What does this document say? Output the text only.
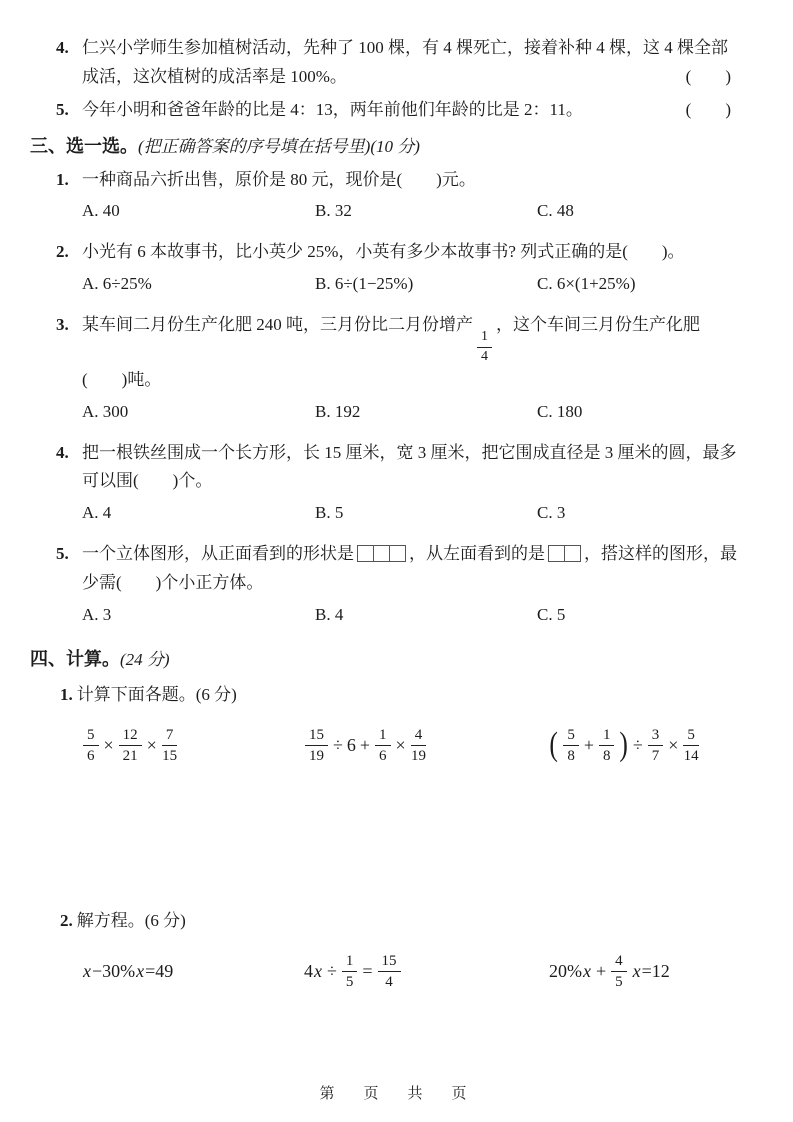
4. 仁兴小学师生参加植树活动，先种了 100 棵，有 4 棵死亡，接着补种 4 棵，这 4 棵全部成活，这次植树的成活率是 100%。	(　　)
5. 今年小明和爸爸年龄的比是 4：13，两年前他们年龄的比是 2：11。	(　　)
三、选一选。(把正确答案的序号填在括号里)(10 分)
1. 一种商品六折出售，原价是 80 元，现价是(　　)元。
A. 40	B. 32	C. 48
2. 小光有 6 本故事书，比小英少 25%，小英有多少本故事书? 列式正确的是(　　)。
A. 6÷25%	B. 6÷(1−25%)	C. 6×(1+25%)
3. 某车间二月份生产化肥 240 吨，三月份比二月份增产
$\frac{1}{4}$
，这个车间三月份生产化肥
(　　)吨。
A. 300	B. 192	C. 180
4. 把一根铁丝围成一个长方形，长 15 厘米，宽 3 厘米，把它围成直径是 3 厘米的圆，最多可以围(　　)个。
A. 4	B. 5	C. 3
5. 一个立体图形，从正面看到的形状是	，从左面看到的是 ，搭这样的图形，最少需(　　)个小正方体。
A. 3	B. 4	C. 5
四、计算。(24 分)
1. 计算下面各题。(6 分)
$\frac{5}{6} \times \frac{12}{21} \times \frac{7}{15}$	$\frac{15}{19} \div 6 + \frac{1}{6} \times \frac{4}{19}$	( $\frac{5}{8} + \frac{1}{8}$ ) ÷ $\frac{3}{7} \times \frac{5}{14}$
2. 解方程。(6 分)
x−30%x=49	$4x \div \frac{1}{5} = \frac{15}{4}$	$20\%x + \frac{4}{5} x=12$
第　页　共　页
